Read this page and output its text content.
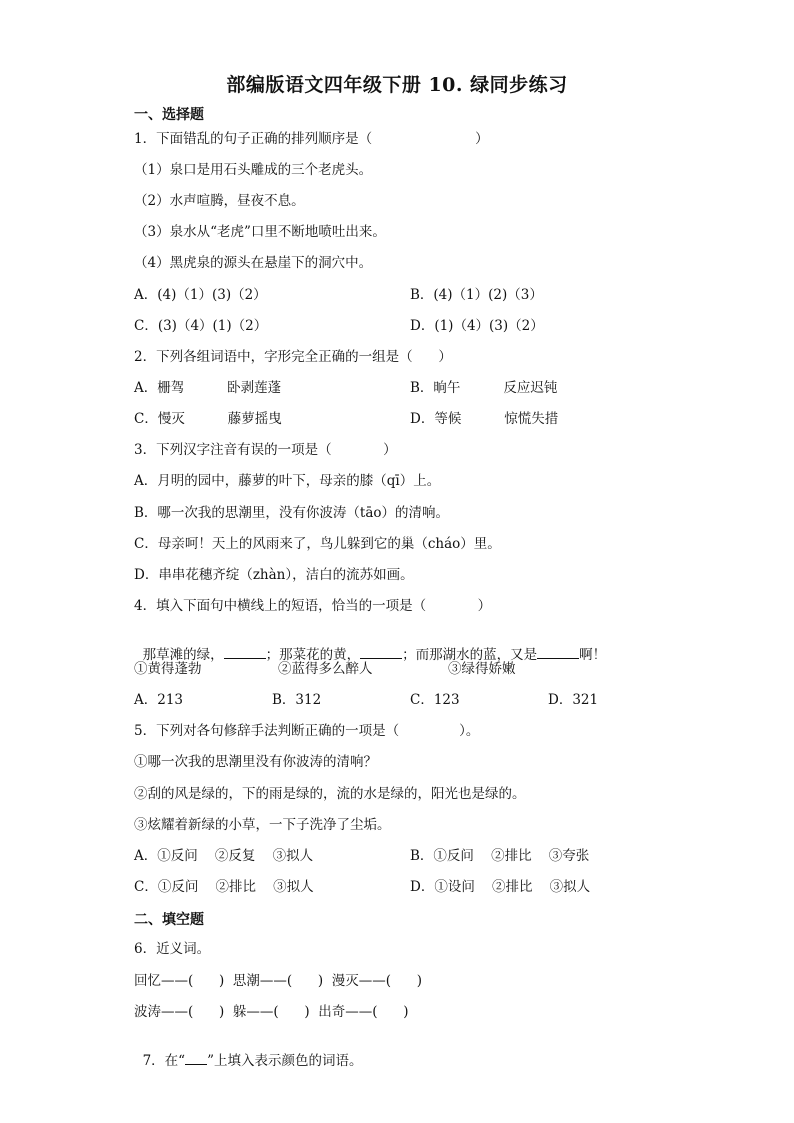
部编版语文四年级下册 10. 绿同步练习
一、选择题
1．下面错乱的句子正确的排列顺序是（                        ）
（1）泉口是用石头雕成的三个老虎头。
（2）水声喧腾，昼夜不息。
（3）泉水从“老虎”口里不断地喷吐出来。
（4）黑虎泉的源头在悬崖下的洞穴中。
A．(4)（1）(3)（2）	B．(4)（1）(2)（3）
C．(3)（4）(1)（2）	D．(1)（4）(3)（2）
2．下列各组词语中，字形完全正确的一组是（      ）
A．栅驾          卧剥莲蓬	B．晌午          反应迟钝
C．慢灭          藤萝摇曳	D．等候          惊慌失措
3．下列汉字注音有误的一项是（            ）
A．月明的园中，藤萝的叶下，母亲的膝（qī）上。
B．哪一次我的思潮里，没有你波涛（tāo）的清响。
C．母亲呵！天上的风雨来了，鸟儿躲到它的巢（cháo）里。
D．串串花穗齐绽（zhàn），洁白的流苏如画。
4．填入下面句中横线上的短语，恰当的一项是（            ）

那草滩的绿，	；那菜花的黄，	；而那湖水的蓝，又是	啊！

①黄得蓬勃	②蓝得多么醉人	③绿得娇嫩
A．213	B．312	C．123	D．321
5．下列对各句修辞手法判断正确的一项是（              ）。
①哪一次我的思潮里没有你波涛的清响？
②刮的风是绿的，下的雨是绿的，流的水是绿的，阳光也是绿的。
③炫耀着新绿的小草，一下子洗净了尘垢。
A．①反问    ②反复    ③拟人	B．①反问    ②排比    ③夸张
C．①反问    ②排比    ③拟人	D．①设问    ②排比    ③拟人
二、填空题
6．近义词。
回忆——(      )  思潮——(      )  漫灭——(      )
波涛——(      )  躲——(      )  出奇——(      )

7．在“ ”上填入表示颜色的词语。
